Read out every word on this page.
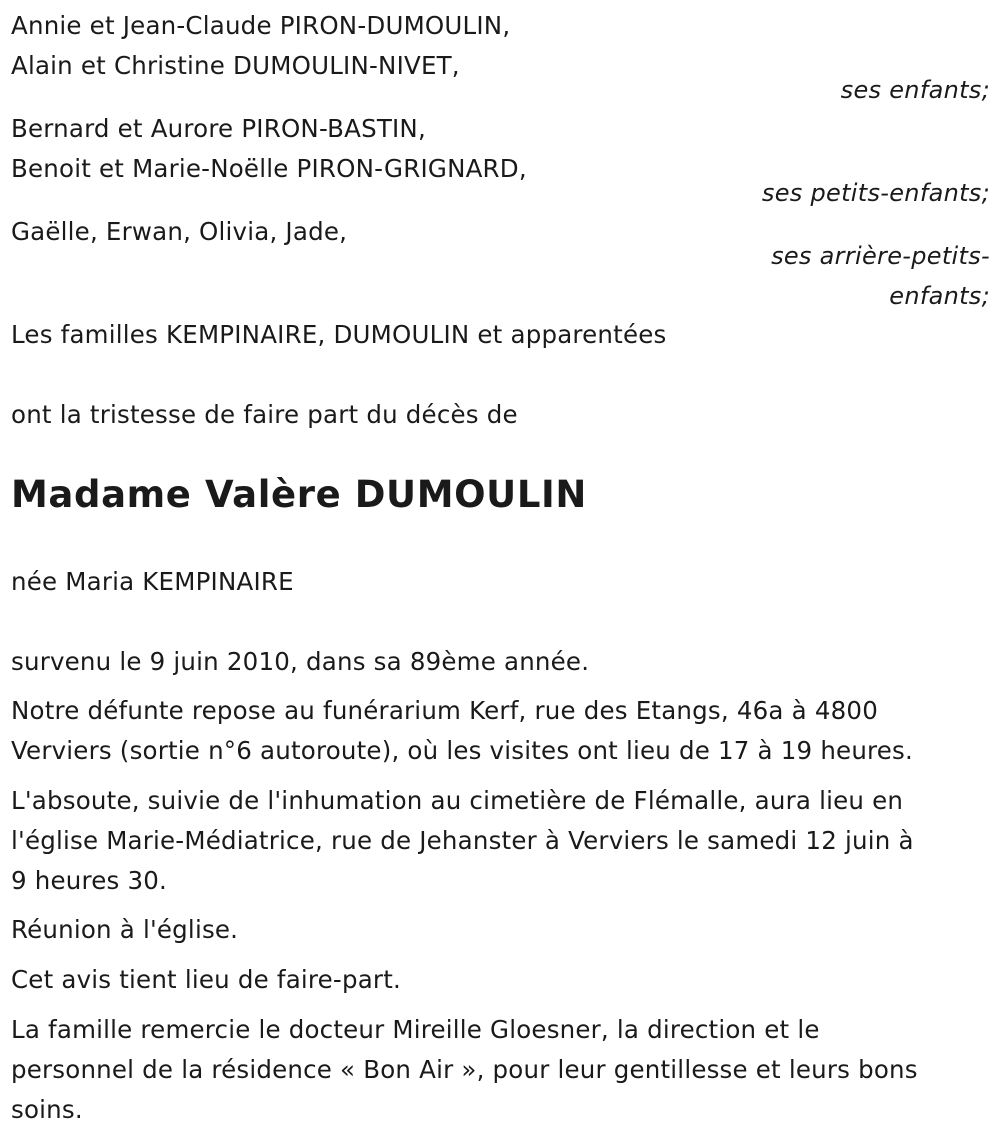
Annie et Jean-Claude PIRON-DUMOULIN,
Alain et Christine DUMOULIN-NIVET,
ses enfants;
Bernard et Aurore PIRON-BASTIN,
Benoit et Marie-Noëlle PIRON-GRIGNARD,
ses petits-enfants;
Gaëlle, Erwan, Olivia, Jade,
ses arrière-petits-
enfants;
Les familles KEMPINAIRE, DUMOULIN et apparentées
ont la tristesse de faire part du décès de
Madame Valère DUMOULIN
née Maria KEMPINAIRE
survenu le 9 juin 2010, dans sa 89ème année.
Notre défunte repose au funérarium Kerf, rue des Etangs, 46a à 4800
Verviers (sortie n°6 autoroute), où les visites ont lieu de 17 à 19 heures.
L'absoute, suivie de l'inhumation au cimetière de Flémalle, aura lieu en
l'église Marie-Médiatrice, rue de Jehanster à Verviers le samedi 12 juin à
9 heures 30.
Réunion à l'église.
Cet avis tient lieu de faire-part.
La famille remercie le docteur Mireille Gloesner, la direction et le
personnel de la résidence « Bon Air », pour leur gentillesse et leurs bons
soins.
